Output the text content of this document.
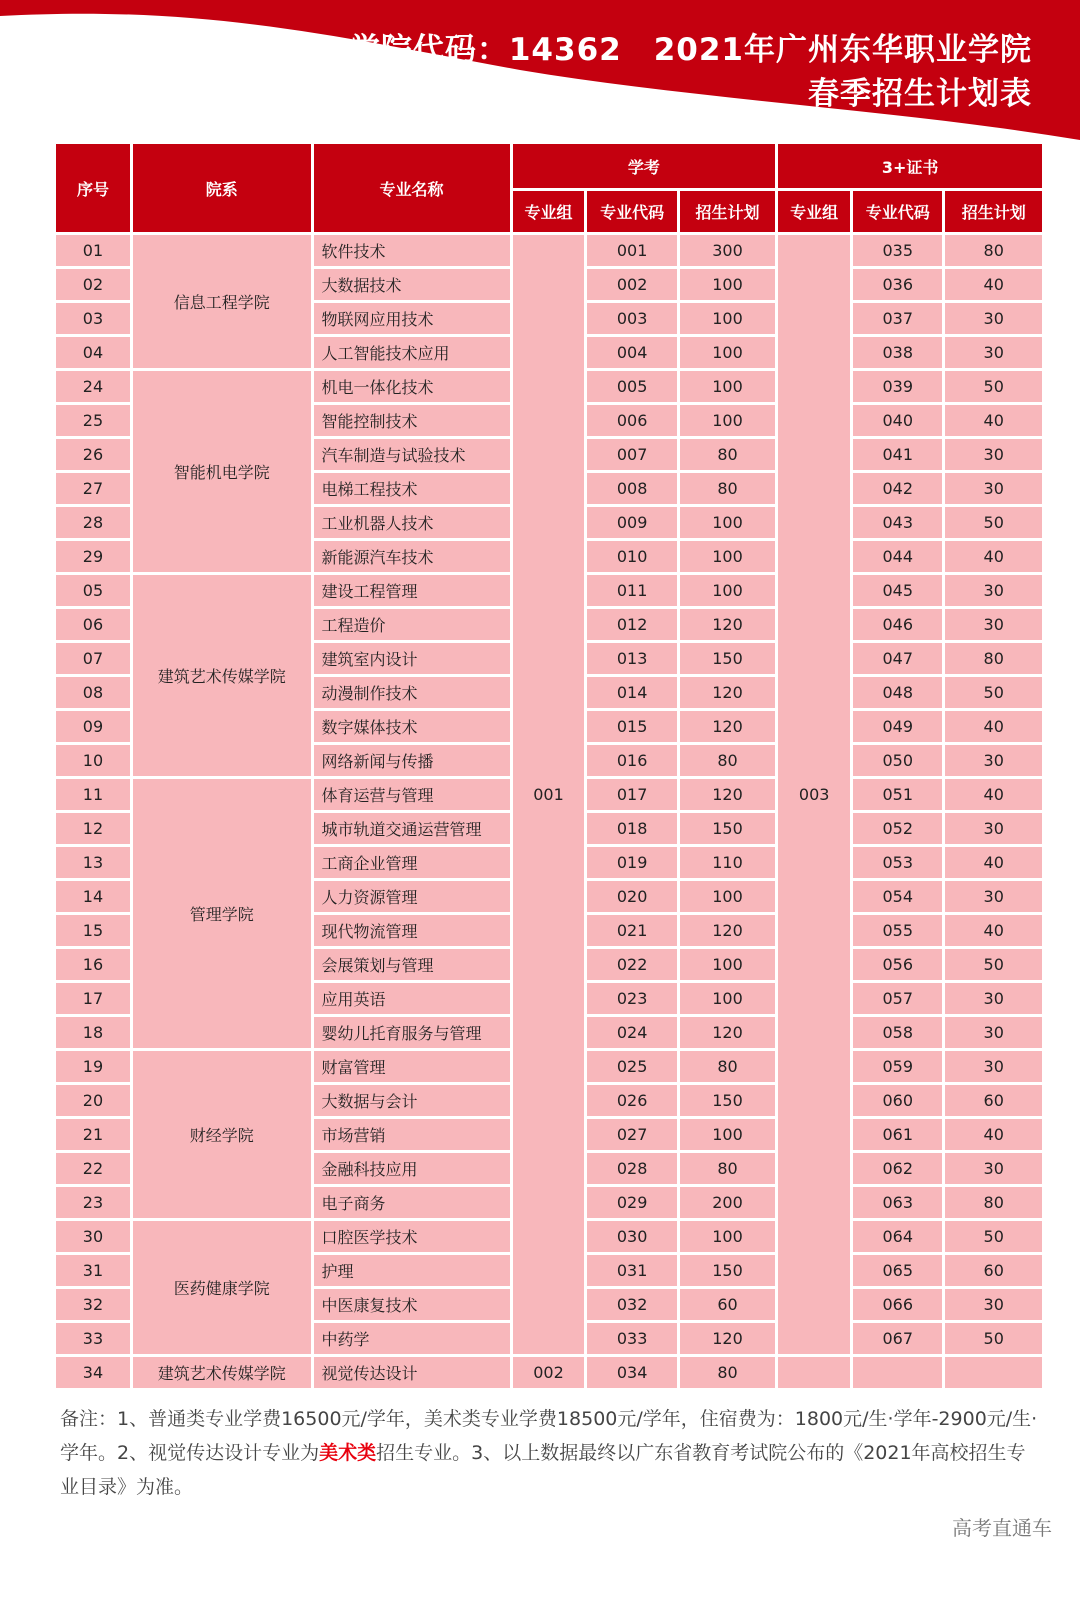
学院代码：14362　2021年广州东华职业学院
春季招生计划表
序号	院系	专业名称	学考			3+证书		
			专业组	专业代码	招生计划	专业组	专业代码	招生计划
01	信息工程学院	软件技术	001	001	300	003	035	80
02		大数据技术		002	100		036	40
03		物联网应用技术		003	100		037	30
04		人工智能技术应用		004	100		038	30
24	智能机电学院	机电一体化技术		005	100		039	50
25		智能控制技术		006	100		040	40
26		汽车制造与试验技术		007	80		041	30
27		电梯工程技术		008	80		042	30
28		工业机器人技术		009	100		043	50
29		新能源汽车技术		010	100		044	40
05	建筑艺术传媒学院	建设工程管理		011	100		045	30
06		工程造价		012	120		046	30
07		建筑室内设计		013	150		047	80
08		动漫制作技术		014	120		048	50
09		数字媒体技术		015	120		049	40
10		网络新闻与传播		016	80		050	30
11	管理学院	体育运营与管理		017	120		051	40
12		城市轨道交通运营管理		018	150		052	30
13		工商企业管理		019	110		053	40
14		人力资源管理		020	100		054	30
15		现代物流管理		021	120		055	40
16		会展策划与管理		022	100		056	50
17		应用英语		023	100		057	30
18		婴幼儿托育服务与管理		024	120		058	30
19	财经学院	财富管理		025	80		059	30
20		大数据与会计		026	150		060	60
21		市场营销		027	100		061	40
22		金融科技应用		028	80		062	30
23		电子商务		029	200		063	80
30	医药健康学院	口腔医学技术		030	100		064	50
31		护理		031	150		065	60
32		中医康复技术		032	60		066	30
33		中药学		033	120		067	50
34	建筑艺术传媒学院	视觉传达设计	002	034	80			
备注：1、普通类专业学费16500元/学年，美术类专业学费18500元/学年，住宿费为：1800元/生·学年-2900元/生·学年。2、视觉传达设计专业为美术类招生专业。3、以上数据最终以广东省教育考试院公布的《2021年高校招生专业目录》为准。
高考直通车
